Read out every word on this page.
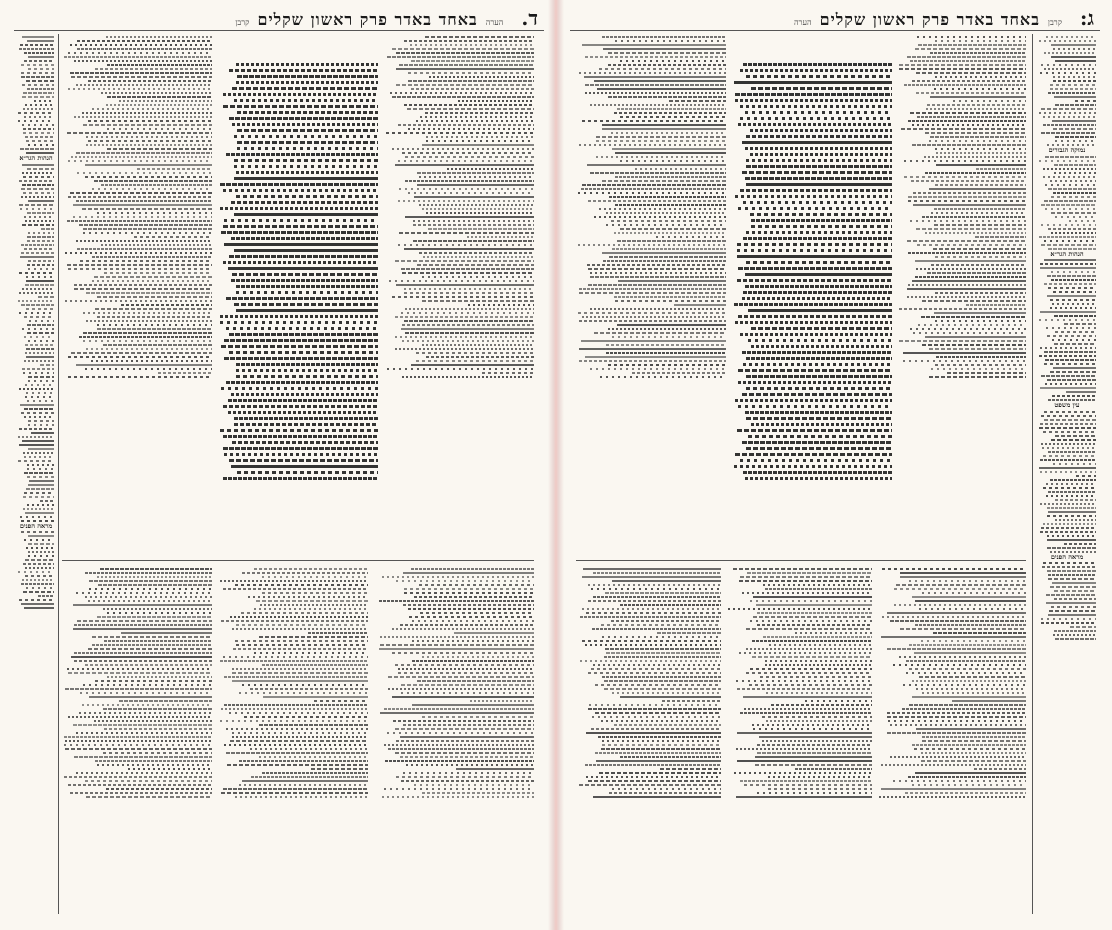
ד.
הערה
באחד באדר פרק ראשון שקלים
קרבן
הגהות הגר״א
מראה הפנים
ג:
קרבן
באחד באדר פרק ראשון שקלים
הערה
נמוקה הגבורים
הגהות הגר״א
עין משפט
מראה הפנים
